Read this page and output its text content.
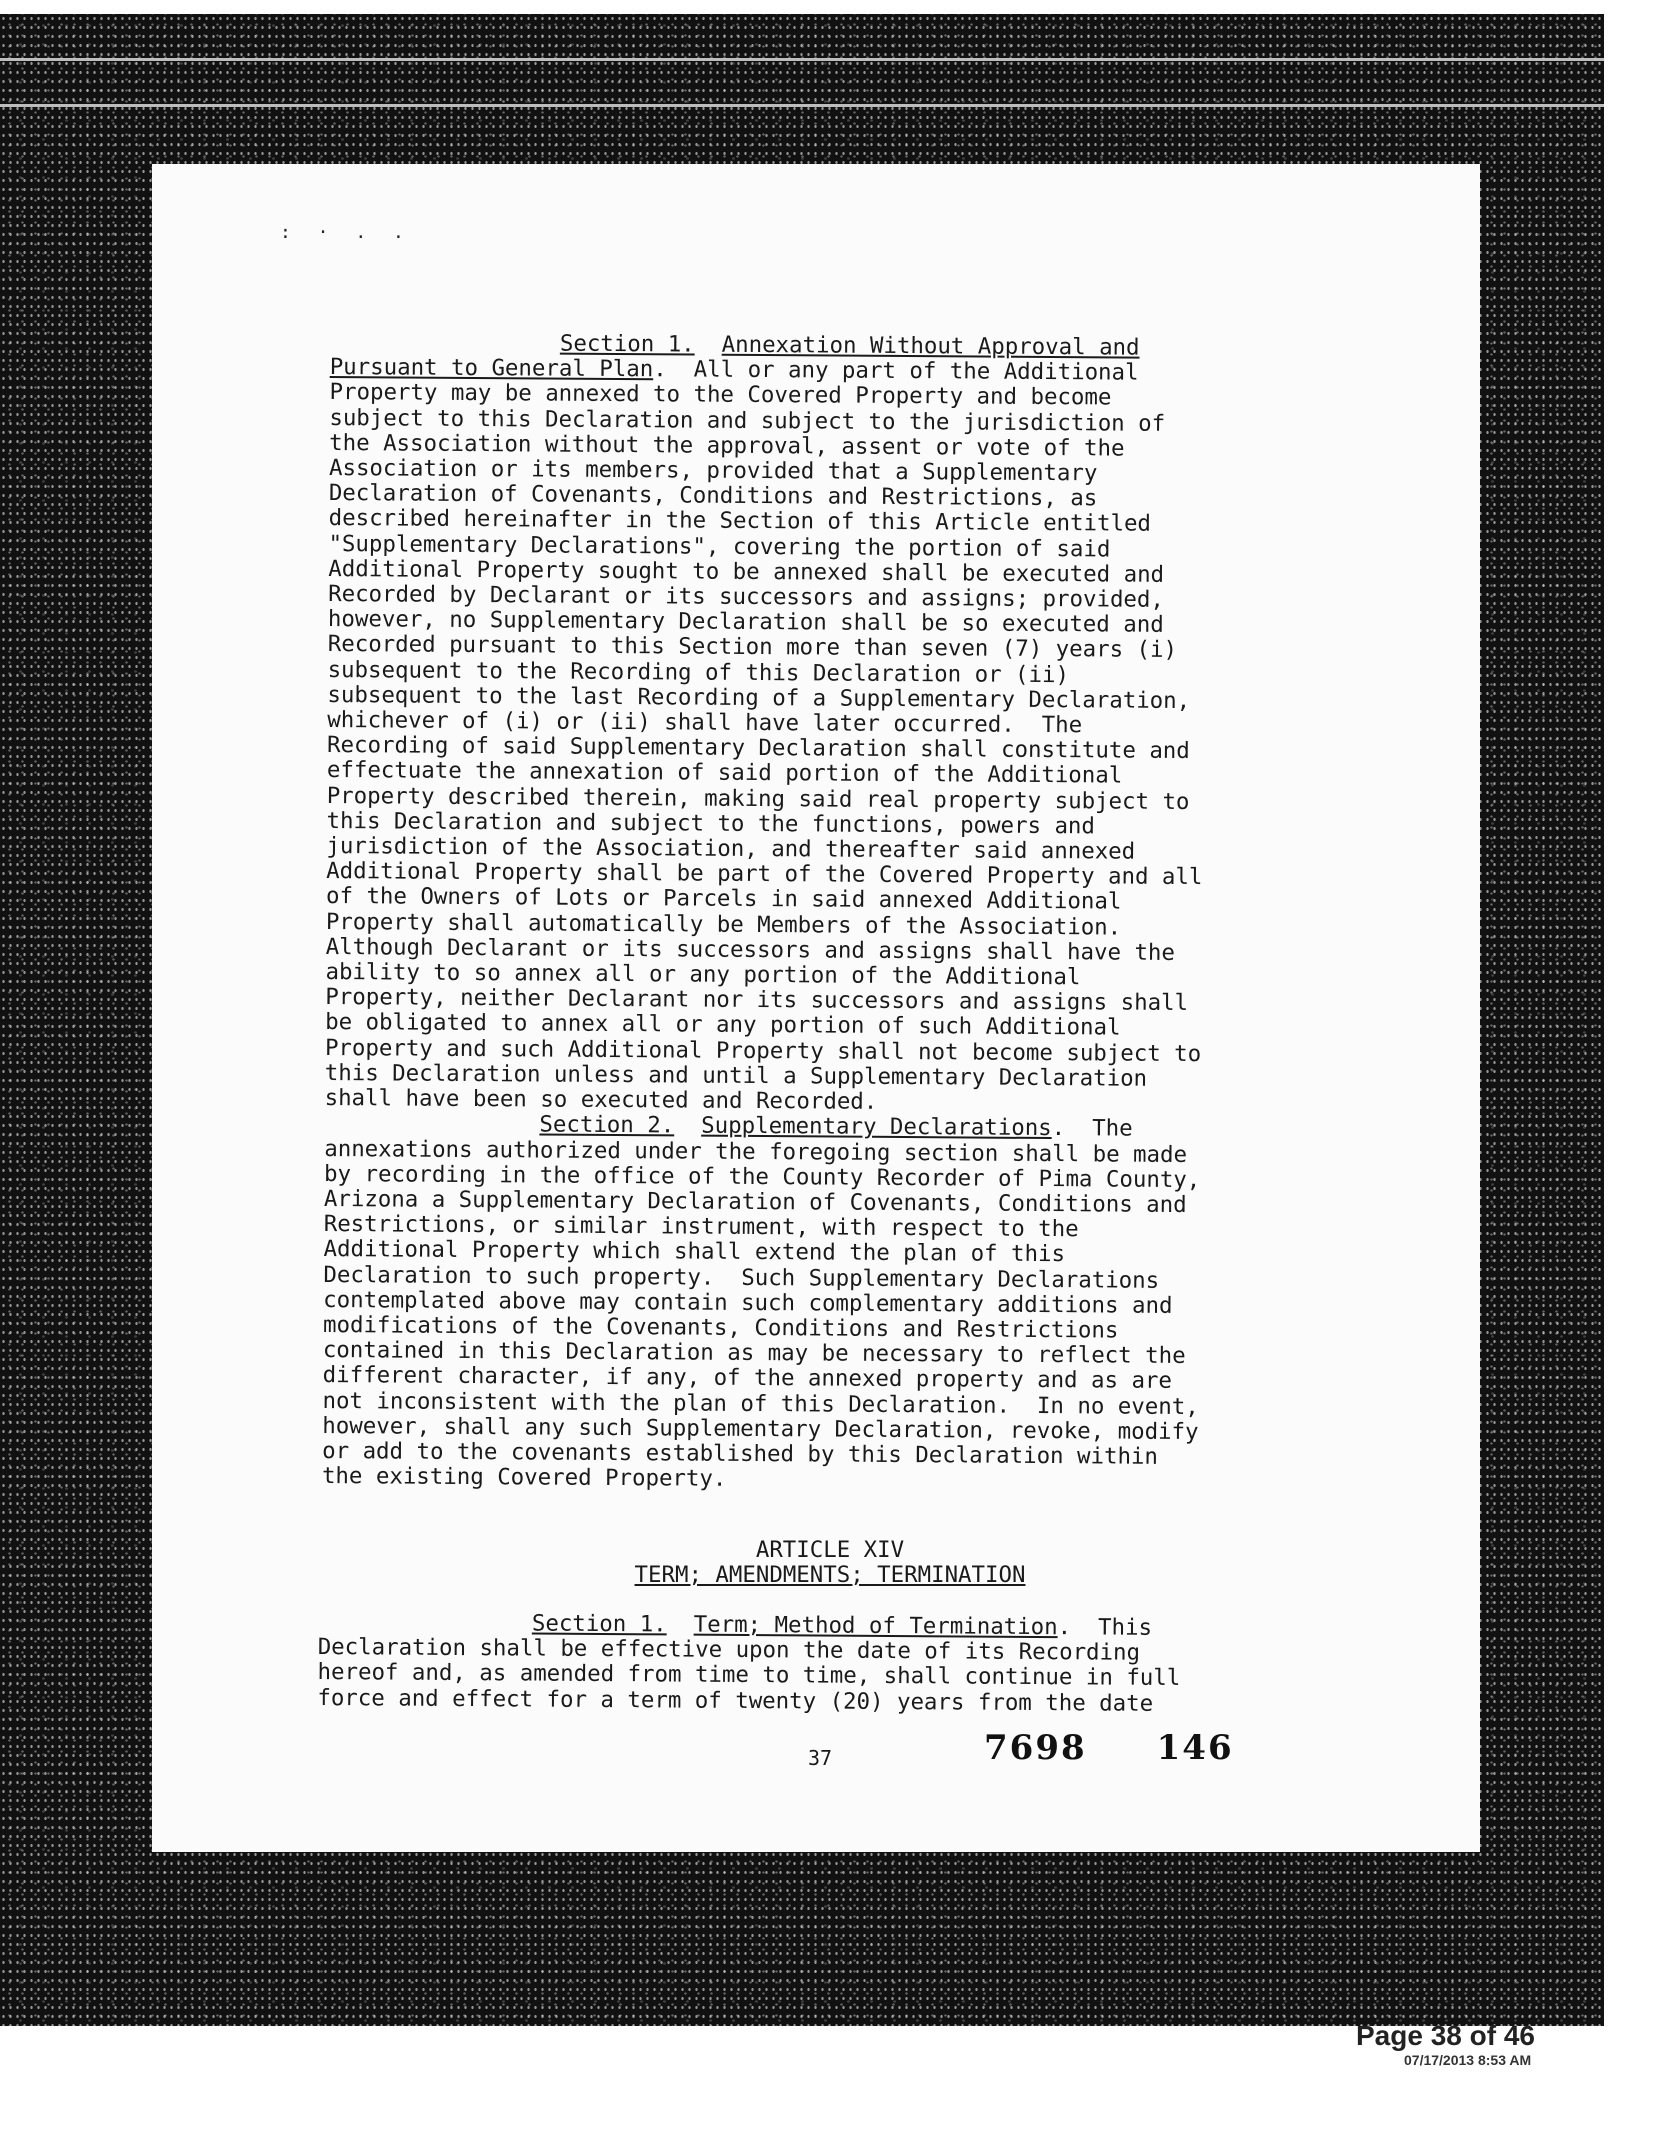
: · . .
Section 1. Annexation Without Approval and
Pursuant to General Plan.  All or any part of the Additional
Property may be annexed to the Covered Property and become
subject to this Declaration and subject to the jurisdiction of
the Association without the approval, assent or vote of the
Association or its members, provided that a Supplementary
Declaration of Covenants, Conditions and Restrictions, as
described hereinafter in the Section of this Article entitled
"Supplementary Declarations", covering the portion of said
Additional Property sought to be annexed shall be executed and
Recorded by Declarant or its successors and assigns; provided,
however, no Supplementary Declaration shall be so executed and
Recorded pursuant to this Section more than seven (7) years (i)
subsequent to the Recording of this Declaration or (ii)
subsequent to the last Recording of a Supplementary Declaration,
whichever of (i) or (ii) shall have later occurred.  The
Recording of said Supplementary Declaration shall constitute and
effectuate the annexation of said portion of the Additional
Property described therein, making said real property subject to
this Declaration and subject to the functions, powers and
jurisdiction of the Association, and thereafter said annexed
Additional Property shall be part of the Covered Property and all
of the Owners of Lots or Parcels in said annexed Additional
Property shall automatically be Members of the Association.
Although Declarant or its successors and assigns shall have the
ability to so annex all or any portion of the Additional
Property, neither Declarant nor its successors and assigns shall
be obligated to annex all or any portion of such Additional
Property and such Additional Property shall not become subject to
this Declaration unless and until a Supplementary Declaration
shall have been so executed and Recorded.
Section 2. Supplementary Declarations.  The
annexations authorized under the foregoing section shall be made
by recording in the office of the County Recorder of Pima County,
Arizona a Supplementary Declaration of Covenants, Conditions and
Restrictions, or similar instrument, with respect to the
Additional Property which shall extend the plan of this
Declaration to such property.  Such Supplementary Declarations
contemplated above may contain such complementary additions and
modifications of the Covenants, Conditions and Restrictions
contained in this Declaration as may be necessary to reflect the
different character, if any, of the annexed property and as are
not inconsistent with the plan of this Declaration.  In no event,
however, shall any such Supplementary Declaration, revoke, modify
or add to the covenants established by this Declaration within
the existing Covered Property.
ARTICLE XIV
TERM; AMENDMENTS; TERMINATION
Section 1. Term; Method of Termination.  This
Declaration shall be effective upon the date of its Recording
hereof and, as amended from time to time, shall continue in full
force and effect for a term of twenty (20) years from the date
37	7698 146
Page 38 of 46
07/17/2013 8:53 AM
